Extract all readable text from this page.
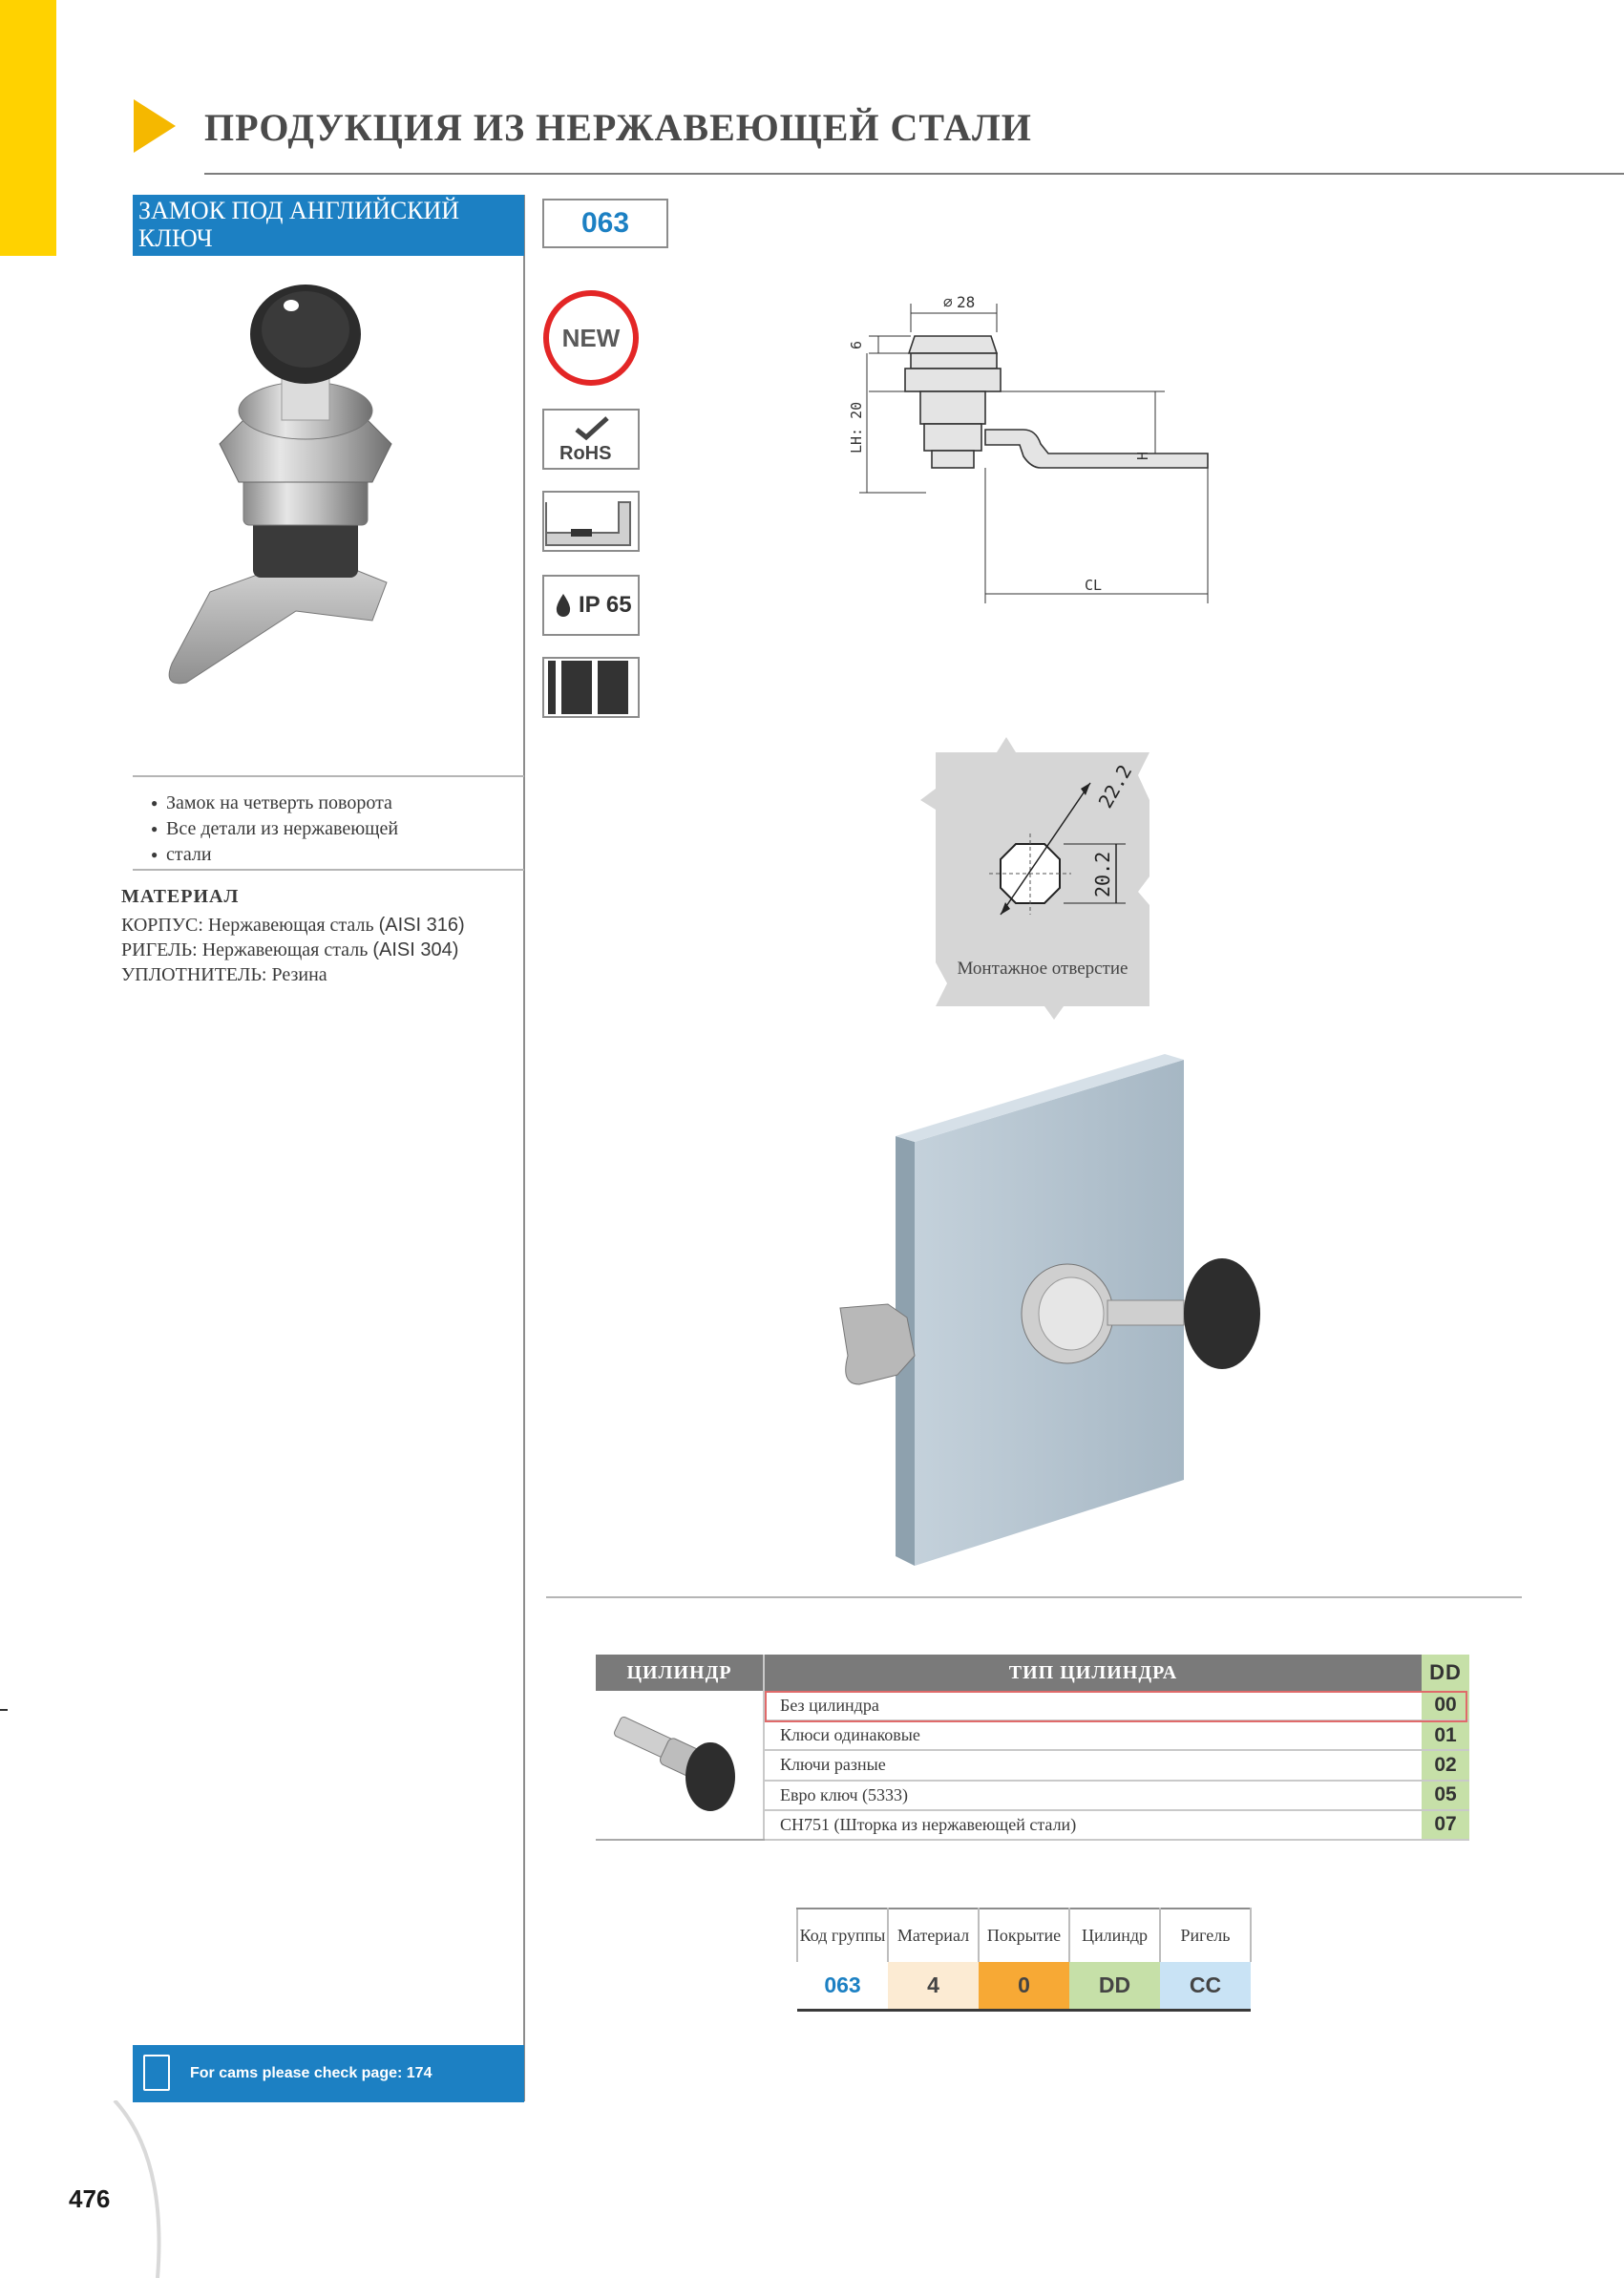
ПРОДУКЦИЯ ИЗ НЕРЖАВЕЮЩЕЙ СТАЛИ
ЗАМОК ПОД АНГЛИЙСКИЙ
КЛЮЧ	063
NEW
RoHS
IP 65
● Замок на четверть поворота
● Все детали из нержавеющей
● стали
МАТЕРИАЛ
КОРПУС: Нержавеющая сталь (AISI 316)
РИГЕЛЬ: Нержавеющая сталь (AISI 304)
УПЛОТНИТЕЛЬ: Резина
⌀ 28
6
LH: 20
H
CL
22.2
20.2
Монтажное отверстие
ЦИЛИНДР	ТИП ЦИЛИНДРА	DD
	Без цилиндра	00
	Клюси одинаковые	01
	Ключи разные	02
	Евро ключ (5333)	05
	CH751 (Шторка из нержавеющей стали)	07
Код группы	Материал	Покрытие	Цилиндр	Ригель
063	4	0	DD	CC
For cams please check page: 174
476
